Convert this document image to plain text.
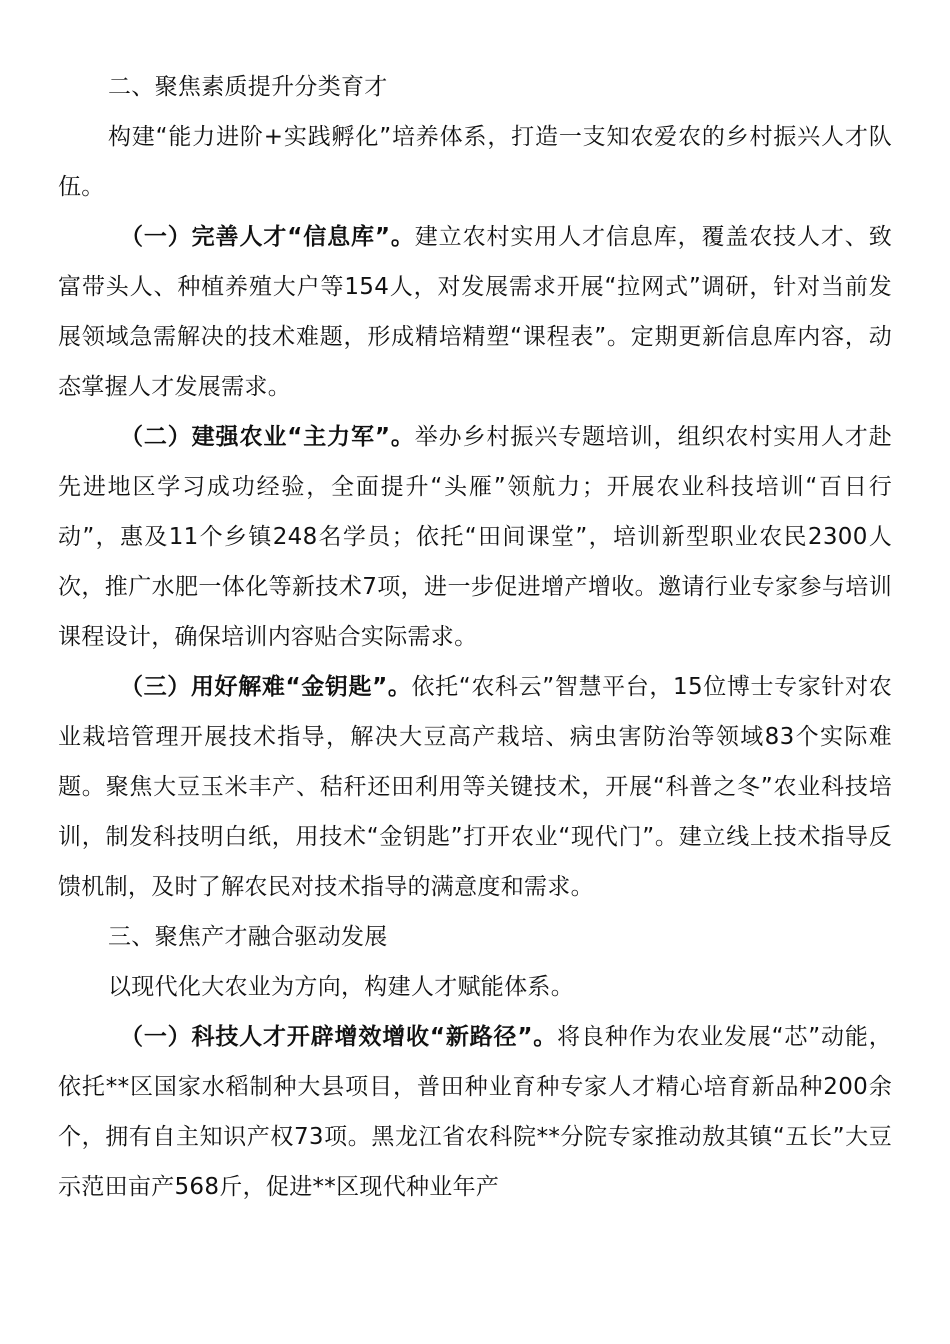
二、聚焦素质提升分类育才

构建“能力进阶+实践孵化”培养体系，打造一支知农爱农的乡村振兴人才队伍。

（一）完善人才“信息库”。建立农村实用人才信息库，覆盖农技人才、致富带头人、种植养殖大户等154人，对发展需求开展“拉网式”调研，针对当前发展领域急需解决的技术难题，形成精培精塑“课程表”。定期更新信息库内容，动态掌握人才发展需求。

（二）建强农业“主力军”。举办乡村振兴专题培训，组织农村实用人才赴先进地区学习成功经验，全面提升“头雁”领航力；开展农业科技培训“百日行动”，惠及11个乡镇248名学员；依托“田间课堂”，培训新型职业农民2300人次，推广水肥一体化等新技术7项，进一步促进增产增收。邀请行业专家参与培训课程设计，确保培训内容贴合实际需求。

（三）用好解难“金钥匙”。依托“农科云”智慧平台，15位博士专家针对农业栽培管理开展技术指导，解决大豆高产栽培、病虫害防治等领域83个实际难题。聚焦大豆玉米丰产、秸秆还田利用等关键技术，开展“科普之冬”农业科技培训，制发科技明白纸，用技术“金钥匙”打开农业“现代门”。建立线上技术指导反馈机制，及时了解农民对技术指导的满意度和需求。

三、聚焦产才融合驱动发展

以现代化大农业为方向，构建人才赋能体系。

（一）科技人才开辟增效增收“新路径”。将良种作为农业发展“芯”动能，依托**区国家水稻制种大县项目，普田种业育种专家人才精心培育新品种200余个，拥有自主知识产权73项。黑龙江省农科院**分院专家推动敖其镇“五长”大豆示范田亩产568斤，促进**区现代种业年产
